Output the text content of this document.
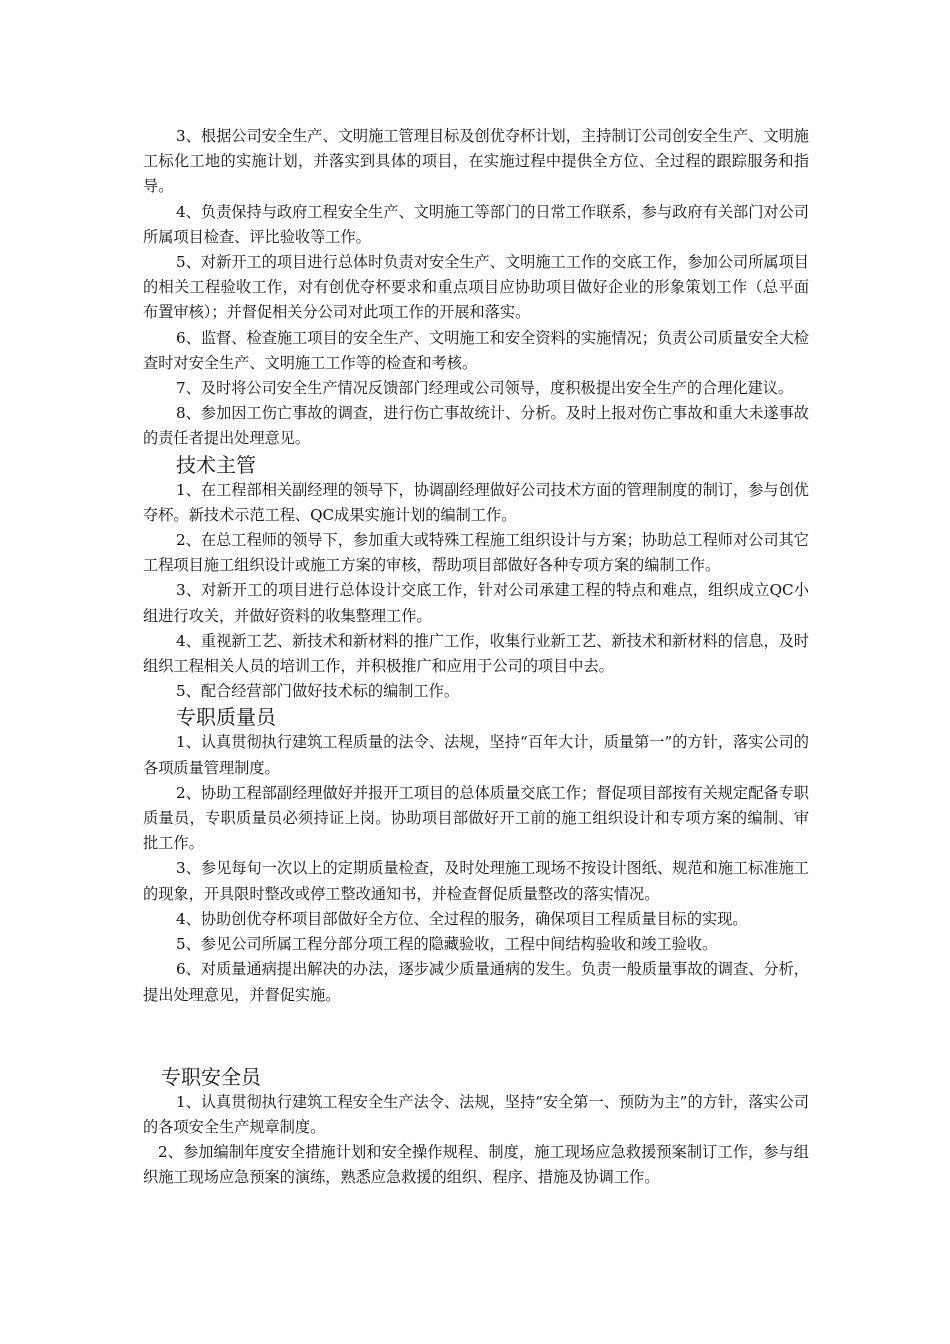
3、根据公司安全生产、文明施工管理目标及创优夺杯计划，主持制订公司创安全生产、文明施工标化工地的实施计划，并落实到具体的项目，在实施过程中提供全方位、全过程的跟踪服务和指导。

4、负责保持与政府工程安全生产、文明施工等部门的日常工作联系，参与政府有关部门对公司所属项目检查、评比验收等工作。

5、对新开工的项目进行总体时负责对安全生产、文明施工工作的交底工作，参加公司所属项目的相关工程验收工作，对有创优夺杯要求和重点项目应协助项目做好企业的形象策划工作（总平面布置审核）；并督促相关分公司对此项工作的开展和落实。

6、监督、检查施工项目的安全生产、文明施工和安全资料的实施情况；负责公司质量安全大检查时对安全生产、文明施工工作等的检查和考核。

7、及时将公司安全生产情况反馈部门经理或公司领导，度积极提出安全生产的合理化建议。

8、参加因工伤亡事故的调查，进行伤亡事故统计、分析。及时上报对伤亡事故和重大未遂事故的责任者提出处理意见。

技术主管

1、在工程部相关副经理的领导下，协调副经理做好公司技术方面的管理制度的制订，参与创优夺杯。新技术示范工程、QC成果实施计划的编制工作。

2、在总工程师的领导下，参加重大或特殊工程施工组织设计与方案；协助总工程师对公司其它工程项目施工组织设计或施工方案的审核，帮助项目部做好各种专项方案的编制工作。

3、对新开工的项目进行总体设计交底工作，针对公司承建工程的特点和难点，组织成立QC小组进行攻关，并做好资料的收集整理工作。

4、重视新工艺、新技术和新材料的推广工作，收集行业新工艺、新技术和新材料的信息，及时组织工程相关人员的培训工作，并积极推广和应用于公司的项目中去。

5、配合经营部门做好技术标的编制工作。

专职质量员

1、认真贯彻执行建筑工程质量的法令、法规，坚持“百年大计，质量第一”的方针，落实公司的各项质量管理制度。

2、协助工程部副经理做好并报开工项目的总体质量交底工作；督促项目部按有关规定配备专职质量员，专职质量员必须持证上岗。协助项目部做好开工前的施工组织设计和专项方案的编制、审批工作。

3、参见每旬一次以上的定期质量检查，及时处理施工现场不按设计图纸、规范和施工标准施工的现象，开具限时整改或停工整改通知书，并检查督促质量整改的落实情况。

4、协助创优夺杯项目部做好全方位、全过程的服务，确保项目工程质量目标的实现。

5、参见公司所属工程分部分项工程的隐藏验收，工程中间结构验收和竣工验收。

6、对质量通病提出解决的办法，逐步减少质量通病的发生。负责一般质量事故的调查、分析，提出处理意见，并督促实施。

专职安全员

1、认真贯彻执行建筑工程安全生产法令、法规，坚持“安全第一、预防为主”的方针，落实公司的各项安全生产规章制度。

2、参加编制年度安全措施计划和安全操作规程、制度，施工现场应急救援预案制订工作，参与组织施工现场应急预案的演练，熟悉应急救援的组织、程序、措施及协调工作。
